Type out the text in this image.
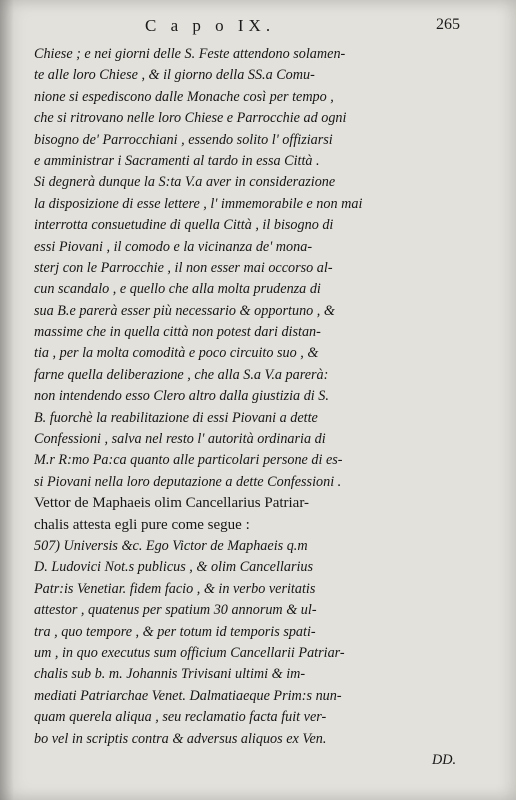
C a p o IX.	265
Chiese ; e nei giorni delle S. Feste attendono solamen-
te alle loro Chiese , & il giorno della SS.a Comu-
nione si espediscono dalle Monache così per tempo ,
che si ritrovano nelle loro Chiese e Parrocchie ad ogni
bisogno de' Parrocchiani , essendo solito l' offiziarsi
e amministrar i Sacramenti al tardo in essa Città .
Si degnerà dunque la S:ta V.a aver in considerazione
la disposizione di esse lettere , l' immemorabile e non mai
interrotta consuetudine di quella Città , il bisogno di
essi Piovani , il comodo e la vicinanza de' mona-
sterj con le Parrocchie , il non esser mai occorso al-
cun scandalo , e quello che alla molta prudenza di
sua B.e parerà esser più necessario & opportuno , &
massime che in quella città non potest dari distan-
tia , per la molta comodità e poco circuito suo , &
farne quella deliberazione , che alla S.a V.a parerà:
non intendendo esso Clero altro dalla giustizia di S.
B. fuorchè la reabilitazione di essi Piovani a dette
Confessioni , salva nel resto l' autorità ordinaria di
M.r R:mo Pa:ca quanto alle particolari persone di es-
si Piovani nella loro deputazione a dette Confessioni .
Vettor de Maphaeis olim Cancellarius Patriar-
chalis attesta egli pure come segue :
507) Universis &c. Ego Victor de Maphaeis q.m
D. Ludovici Not.s publicus , & olim Cancellarius
Patr:is Venetiar. fidem facio , & in verbo veritatis
attestor , quatenus per spatium 30 annorum & ul-
tra , quo tempore , & per totum id temporis spati-
um , in quo executus sum officium Cancellarii Patriar-
chalis sub b. m. Johannis Trivisani ultimi & im-
mediati Patriarchae Venet. Dalmatiaeque Prim:s nun-
quam querela aliqua , seu reclamatio facta fuit ver-
bo vel in scriptis contra & adversus aliquos ex Ven.
DD.
